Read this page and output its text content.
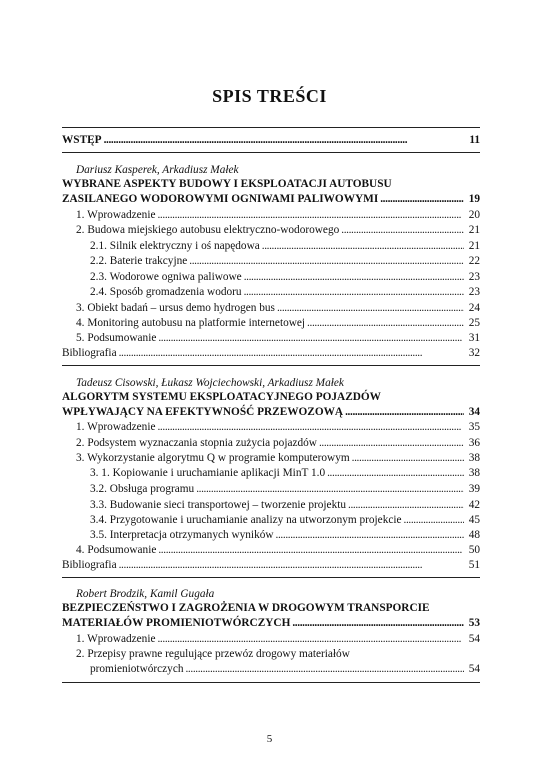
SPIS TREŚCI
WSTĘP . . .	11
Dariusz Kasperek, Arkadiusz Małek
WYBRANE ASPEKTY BUDOWY I EKSPLOATACJI AUTOBUSU
ZASILANEGO WODOROWYMI OGNIWAMI PALIWOWYMI . . .	19
1. Wprowadzenie . . .	20
2. Budowa miejskiego autobusu elektryczno-wodorowego . . .	21
2.1. Silnik elektryczny i oś napędowa . . .	21
2.2. Baterie trakcyjne . . .	22
2.3. Wodorowe ogniwa paliwowe . . .	23
2.4. Sposób gromadzenia wodoru . . .	23
3. Obiekt badań – ursus demo hydrogen bus . . .	24
4. Monitoring autobusu na platformie internetowej . . .	25
5. Podsumowanie . . .	31
Bibliografia . . .	32
Tadeusz Cisowski, Łukasz Wojciechowski, Arkadiusz Małek
ALGORYTM SYSTEMU EKSPLOATACYJNEGO POJAZDÓW
WPŁYWAJĄCY NA EFEKTYWNOŚĆ PRZEWOZOWĄ . . .	34
1. Wprowadzenie . . .	35
2. Podsystem wyznaczania stopnia zużycia pojazdów . . .	36
3. Wykorzystanie algorytmu Q w programie komputerowym . . .	38
3. 1. Kopiowanie i uruchamianie aplikacji MinT 1.0 . . .	38
3.2. Obsługa programu . . .	39
3.3. Budowanie sieci transportowej – tworzenie projektu . . .	42
3.4. Przygotowanie i uruchamianie analizy na utworzonym projekcie . . .	45
3.5. Interpretacja otrzymanych wyników . . .	48
4. Podsumowanie . . .	50
Bibliografia . . .	51
Robert Brodzik, Kamil Gugała
BEZPIECZEŃSTWO I ZAGROŻENIA W DROGOWYM TRANSPORCIE
MATERIAŁÓW PROMIENIOTWÓRCZYCH . . .	53
1. Wprowadzenie . . .	54
2. Przepisy prawne regulujące przewóz drogowy materiałów
promieniotwórczych . . .	54
5
